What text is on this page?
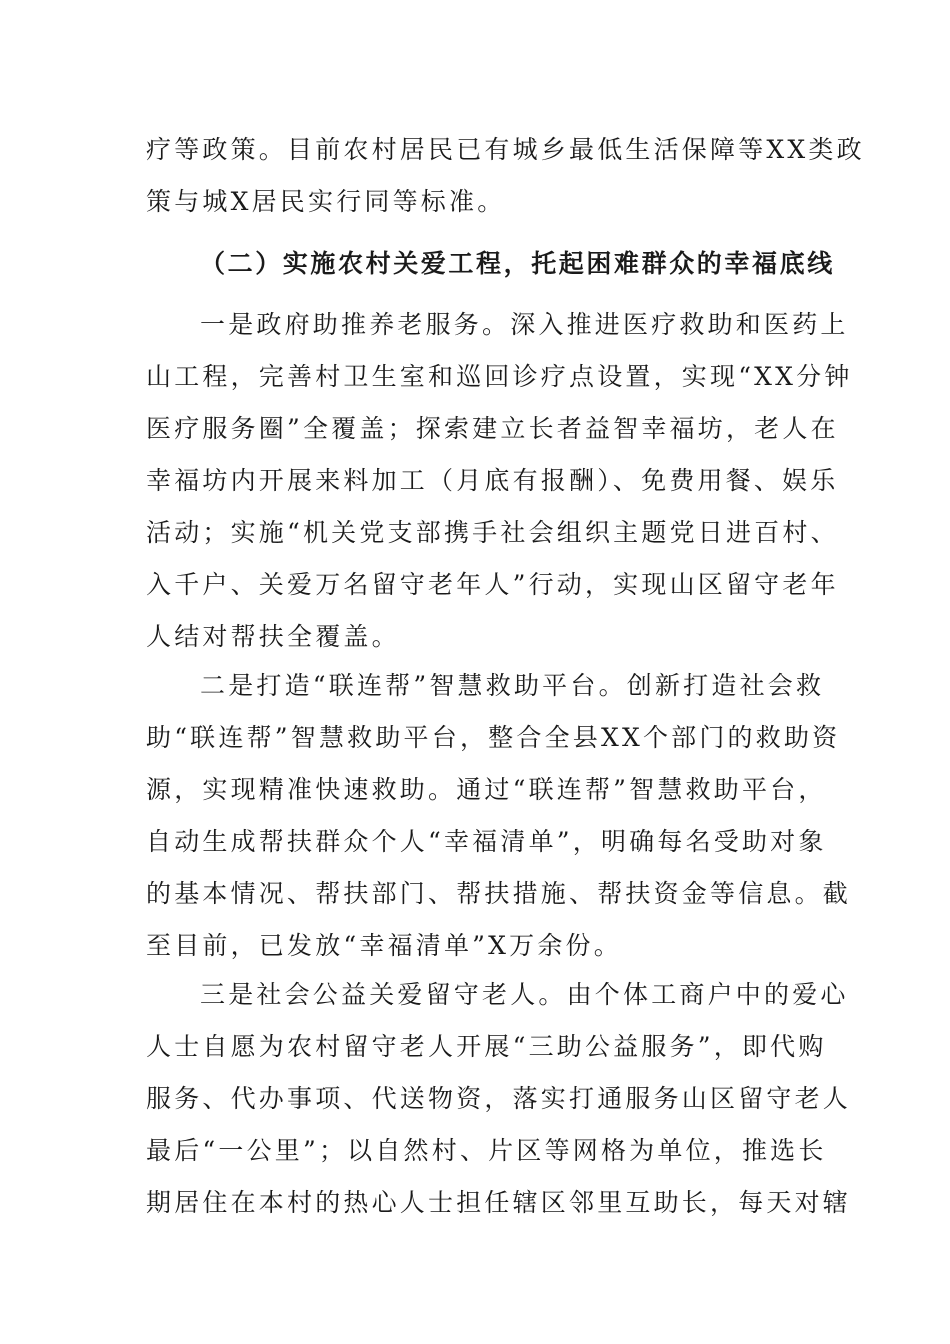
疗等政策。目前农村居民已有城乡最低生活保障等XX类政
策与城X居民实行同等标准。
（二）实施农村关爱工程，托起困难群众的幸福底线
一是政府助推养老服务。深入推进医疗救助和医药上
山工程，完善村卫生室和巡回诊疗点设置，实现“XX分钟
医疗服务圈”全覆盖；探索建立长者益智幸福坊，老人在
幸福坊内开展来料加工（月底有报酬）、免费用餐、娱乐
活动；实施“机关党支部携手社会组织主题党日进百村、
入千户、关爱万名留守老年人”行动，实现山区留守老年
人结对帮扶全覆盖。
二是打造“联连帮”智慧救助平台。创新打造社会救
助“联连帮”智慧救助平台，整合全县XX个部门的救助资
源，实现精准快速救助。通过“联连帮”智慧救助平台，
自动生成帮扶群众个人“幸福清单”，明确每名受助对象
的基本情况、帮扶部门、帮扶措施、帮扶资金等信息。截
至目前，已发放“幸福清单”X万余份。
三是社会公益关爱留守老人。由个体工商户中的爱心
人士自愿为农村留守老人开展“三助公益服务”，即代购
服务、代办事项、代送物资，落实打通服务山区留守老人
最后“一公里”；以自然村、片区等网格为单位，推选长
期居住在本村的热心人士担任辖区邻里互助长，每天对辖
